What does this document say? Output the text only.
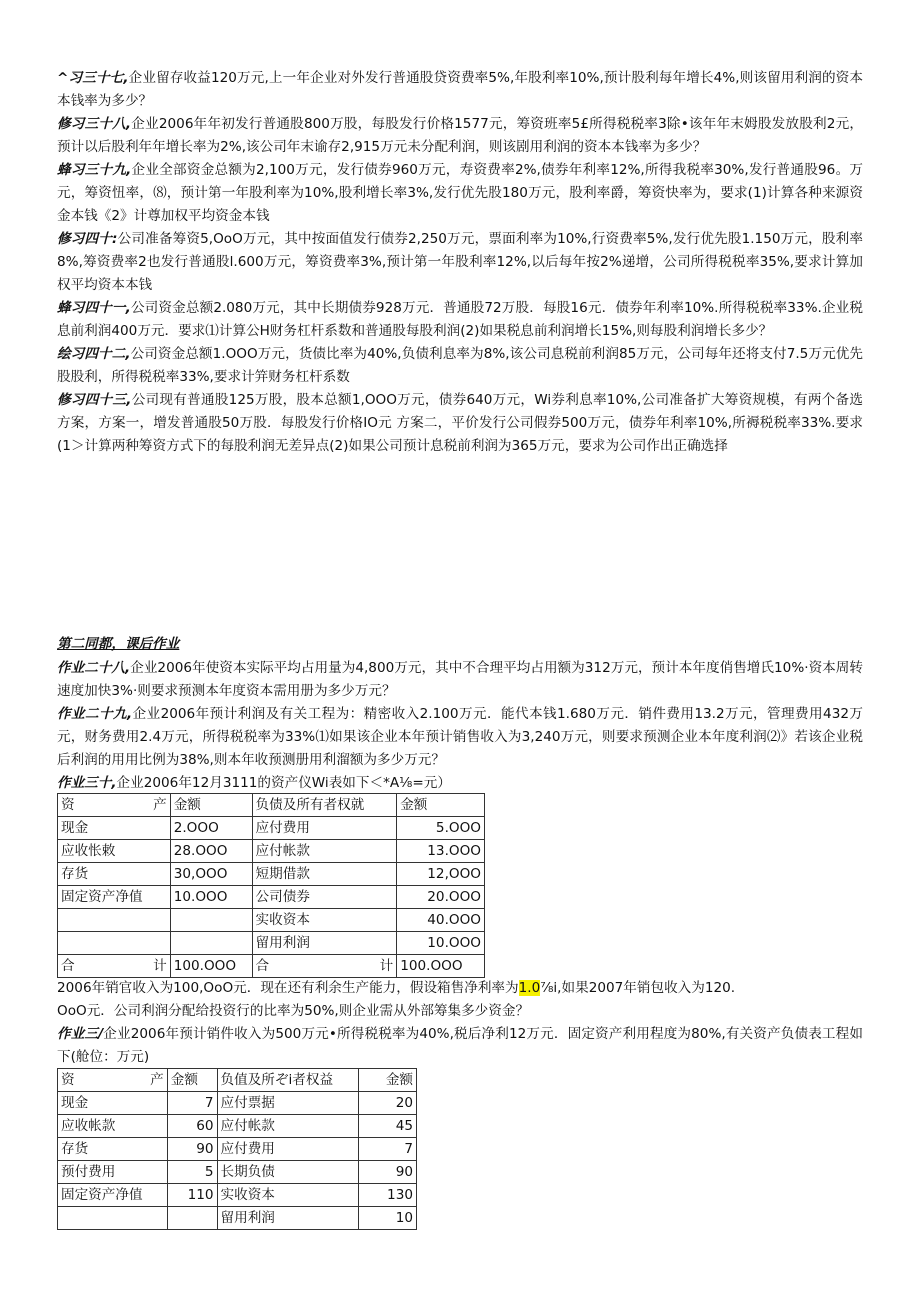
^习三十七,企业留存收益120万元,上一年企业对外发行普通股贷资费率5%,年股利率10%,预计股利每年增长4%,则该留用利润的资本本钱率为多少？

修习三十八,企业2006年年初发行普通股800万股，每股发行价格1577元，筹资班率5£所得税税率3除•该年年末姆股发放股利2元，预计以后股利年年增长率为2%,该公司年末谕存2,915万元未分配利润，则该剧用利润的资本本钱率为多少？

蜂习三十九,企业全部资金总额为2,100万元，发行债券960万元，寿资费率2%,债券年利率12%,所得我税率30%,发行普通股96。万元，筹资忸率，⑻，预计第一年股利率为10%,股利增长率3%,发行优先股180万元，股利率爵，筹资快率为，要求(1)计算各种来源资金本钱《2》计尊加权平均资金本钱

修习四十:公司准备筹资5,OoO万元，其中按面值发行债券2,250万元，票面利率为10%,行资费率5%,发行优先股1.150万元，股利率8%,筹资费率2也发行普通股l.600万元，筹资费率3%,预计第一年股利率12%,以后每年按2%递增，公司所得税税率35%,要求计算加权平均资本本钱

蜂习四十一,公司资金总额2.080万元，其中长期债券928万元．普通股72万股．每股16元．债券年利率10%.所得税税率33%.企业税息前利润400万元．要求⑴计算公H财务杠杆系数和普通股每股利润(2)如果税息前利润增长15%,则每股利润增长多少？

绘习四十二,公司资金总额1.OOO万元，货债比率为40%,负债利息率为8%,该公司息税前利润85万元，公司每年还将支付7.5万元优先股股利，所得税税率33%,要求计笄财务杠杆系数

修习四十三,公司现有普通股125万股，股本总额1,OOO万元，债券640万元，Wi券利息率10%,公司准备扩大筹资规模，有两个备选方案，方案一，增发普通股50万股．每股发行价格IO元 方案二，平价发行公司假券500万元，债券年利率10%,所褥税税率33%.要求(1＞计算两种筹资方式下的每股利润无差异点(2)如果公司预计息税前利润为365万元，要求为公司作出正确选择

第二同都，课后作业

作业二十八,企业2006年使资本实际平均占用量为4,800万元，其中不合理平均占用额为312万元，预计本年度俏售增氏10%·资本周转速度加快3%·则要求预测本年度资本需用册为多少万元？

作业二十九,企业2006年预计利润及有关工程为：精密收入2.100万元．能代本钱1.680万元．销件费用13.2万元，管理费用432万元，财务费用2.4万元，所得税税率为33%⑴如果该企业本年预计销售收入为3,240万元，则要求预测企业本年度利润⑵》若该企业税后利润的用用比例为38%,则本年收预测册用利溜额为多少万元？

作业三十,企业2006年12月3111的资产仪Wi表如下＜*A⅛=元）

资产	金额	负债及所有者权就	金额
现金	2.OOO	应付费用	5.OOO
应收怅敕	28.OOO	应付帐款	13.OOO
存货	30,OOO	短期借款	12,OOO
固定资产净值	10.OOO	公司债券	20.OOO
		实收资本	40.OOO
		留用利润	10.OOO
合计	100.OOO	合计	100.OOO

2006年销官收入为100,OoO元．现在还有利余生产能力，假设箱售净利率为1.0⅞i,如果2007年销包收入为120.
OoO元．公司利润分配给投资行的比率为50%,则企业需从外部筹集多少资金？

作业三/企业2006年预计销件收入为500万元•所得税税率为40%,税后净利12万元．固定资产利用程度为80%,有关资产负债表工程如下(舱位：万元)

资产	金额	负值及所ぞi者权益	金额
现金	7	应付票据	20
应收帐款	60	应付帐款	45
存货	90	应付费用	7
预付费用	5	长期负债	90
固定资产净值	110	实收资本	130
		留用利润	10
